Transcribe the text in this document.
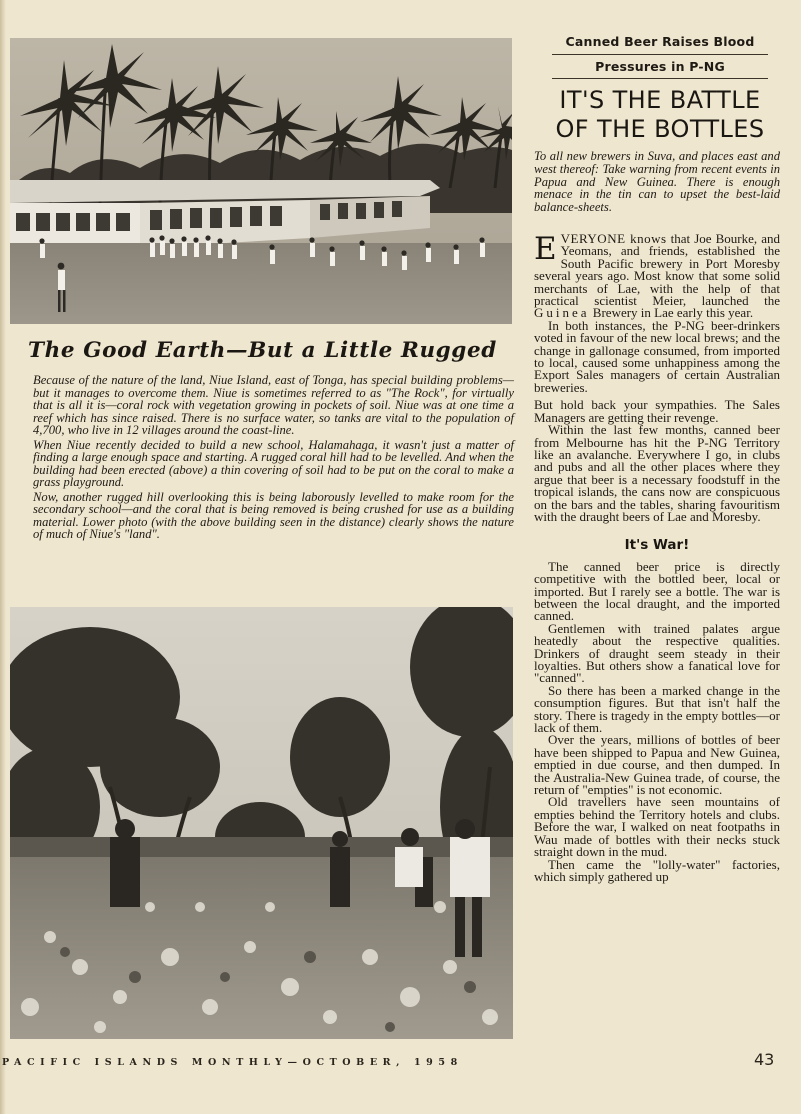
The Good Earth—But a Little Rugged

Because of the nature of the land, Niue Island, east of Tonga, has special building problems—but it manages to overcome them. Niue is sometimes referred to as "The Rock", for virtually that is all it is—coral rock with vegetation growing in pockets of soil. Niue was at one time a reef which has since raised. There is no surface water, so tanks are vital to the population of 4,700, who live in 12 villages around the coast-line.

When Niue recently decided to build a new school, Halamahaga, it wasn't just a matter of finding a large enough space and starting. A rugged coral hill had to be levelled. And when the building had been erected (above) a thin covering of soil had to be put on the coral to make a grass playground.

Now, another rugged hill overlooking this is being laborously levelled to make room for the secondary school—and the coral that is being removed is being crushed for use as a building material. Lower photo (with the above building seen in the distance) clearly shows the nature of much of Niue's "land".

Canned Beer Raises Blood
Pressures in P-NG
IT'S THE BATTLE
OF THE BOTTLES
To all new brewers in Suva, and places east and west thereof: Take warning from recent events in Papua and New Guinea. There is enough menace in the tin can to upset the best-laid balance-sheets.

EVERYONE knows that Joe Bourke, and Yeomans, and friends, established the South Pacific brewery in Port Moresby several years ago. Most know that some solid merchants of Lae, with the help of that practical scientist Meier, launched the Guinea Brewery in Lae early this year.

In both instances, the P-NG beer-drinkers voted in favour of the new local brews; and the change in gallonage consumed, from imported to local, caused some unhappiness among the Export Sales managers of certain Australian breweries.

But hold back your sympathies. The Sales Managers are getting their revenge.

Within the last few months, canned beer from Melbourne has hit the P-NG Territory like an avalanche. Everywhere I go, in clubs and pubs and all the other places where they argue that beer is a necessary foodstuff in the tropical islands, the cans now are conspicuous on the bars and the tables, sharing favouritism with the draught beers of Lae and Moresby.

It's War!

The canned beer price is directly competitive with the bottled beer, local or imported. But I rarely see a bottle. The war is between the local draught, and the imported canned.

Gentlemen with trained palates argue heatedly about the respective qualities. Drinkers of draught seem steady in their loyalties. But others show a fanatical love for "canned".

So there has been a marked change in the consumption figures. But that isn't half the story. There is tragedy in the empty bottles—or lack of them.

Over the years, millions of bottles of beer have been shipped to Papua and New Guinea, emptied in due course, and then dumped. In the Australia-New Guinea trade, of course, the return of "empties" is not economic.

Old travellers have seen mountains of empties behind the Territory hotels and clubs. Before the war, I walked on neat footpaths in Wau made of bottles with their necks stuck straight down in the mud.

Then came the "lolly-water" factories, which simply gathered up

PACIFIC ISLANDS MONTHLY—OCTOBER, 1958	43
